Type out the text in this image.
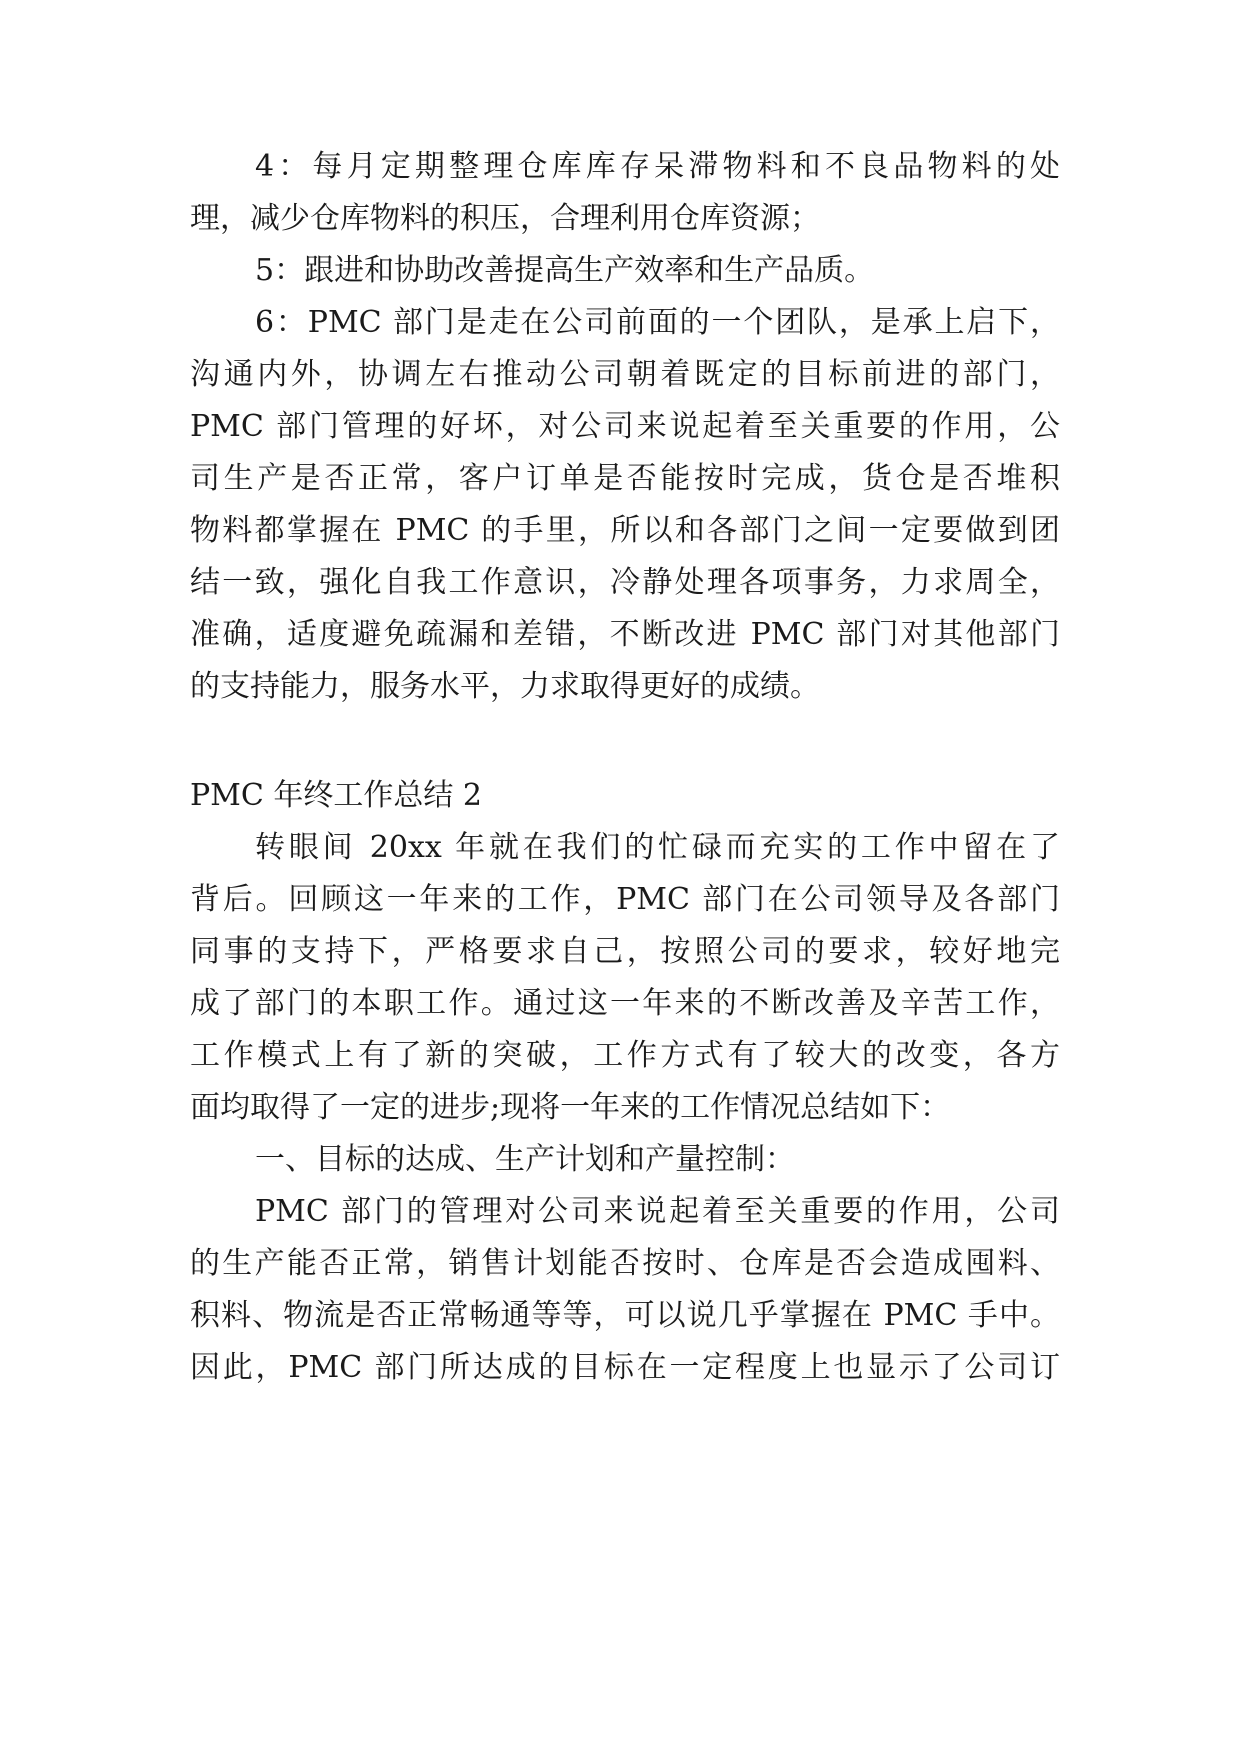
4：每月定期整理仓库库存呆滞物料和不良品物料的处
理，减少仓库物料的积压，合理利用仓库资源；
5：跟进和协助改善提高生产效率和生产品质。
6：PMC 部门是走在公司前面的一个团队，是承上启下，
沟通内外，协调左右推动公司朝着既定的目标前进的部门，
PMC 部门管理的好坏，对公司来说起着至关重要的作用，公
司生产是否正常，客户订单是否能按时完成，货仓是否堆积
物料都掌握在 PMC 的手里，所以和各部门之间一定要做到团
结一致，强化自我工作意识，冷静处理各项事务，力求周全，
准确，适度避免疏漏和差错，不断改进 PMC 部门对其他部门
的支持能力，服务水平，力求取得更好的成绩。
PMC 年终工作总结 2
转眼间 20xx 年就在我们的忙碌而充实的工作中留在了
背后。回顾这一年来的工作，PMC 部门在公司领导及各部门
同事的支持下，严格要求自己，按照公司的要求，较好地完
成了部门的本职工作。通过这一年来的不断改善及辛苦工作，
工作模式上有了新的突破，工作方式有了较大的改变，各方
面均取得了一定的进步;现将一年来的工作情况总结如下：
一、目标的达成、生产计划和产量控制：
PMC 部门的管理对公司来说起着至关重要的作用，公司
的生产能否正常，销售计划能否按时、仓库是否会造成囤料、
积料、物流是否正常畅通等等，可以说几乎掌握在 PMC 手中。
因此，PMC 部门所达成的目标在一定程度上也显示了公司订
